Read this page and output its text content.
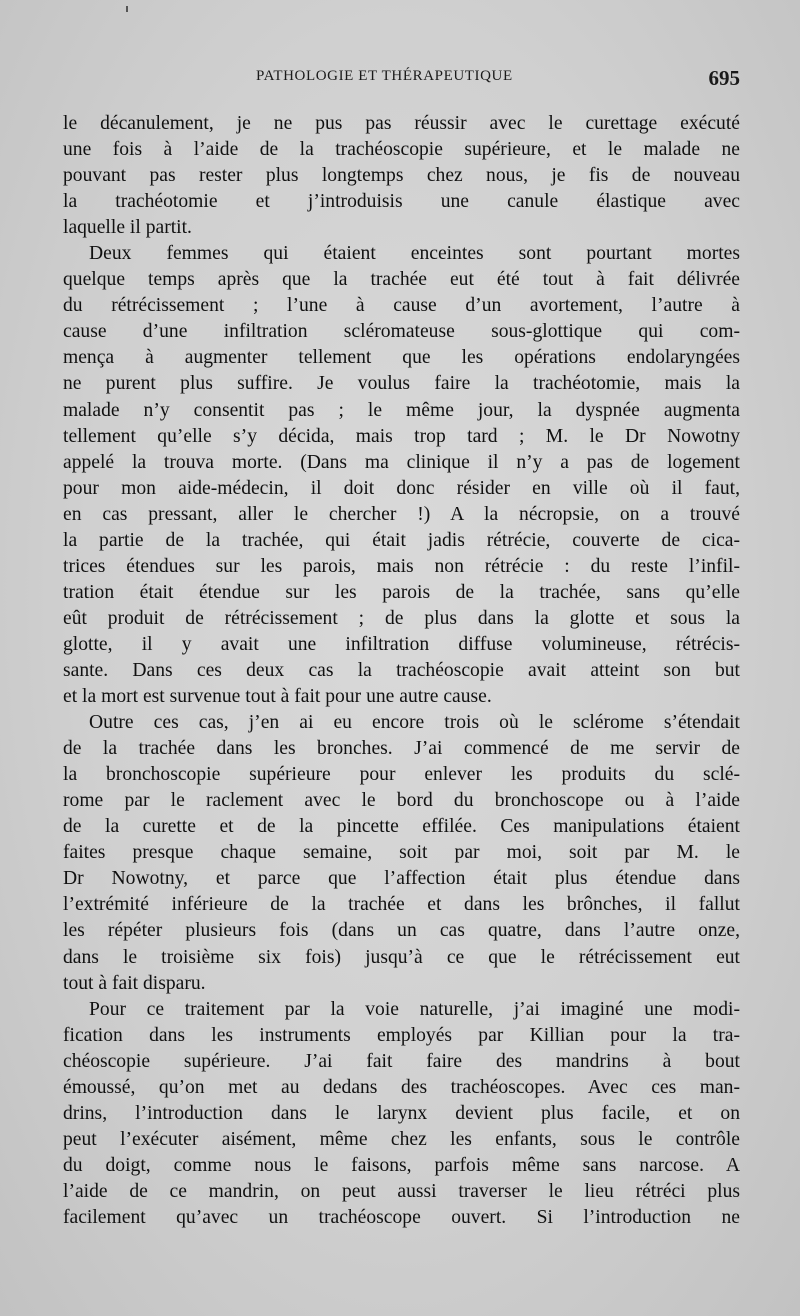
PATHOLOGIE ET THÉRAPEUTIQUE	695

le décanulement, je ne pus pas réussir avec le curettage exécuté
une fois à l’aide de la trachéoscopie supérieure, et le malade ne
pouvant pas rester plus longtemps chez nous, je fis de nouveau
la trachéotomie et j’introduisis une canule élastique avec
laquelle il partit.

Deux femmes qui étaient enceintes sont pourtant mortes
quelque temps après que la trachée eut été tout à fait délivrée
du rétrécissement ; l’une à cause d’un avortement, l’autre à
cause d’une infiltration scléromateuse sous-glottique qui com-
mença à augmenter tellement que les opérations endolaryngées
ne purent plus suffire. Je voulus faire la trachéotomie, mais la
malade n’y consentit pas ; le même jour, la dyspnée augmenta
tellement qu’elle s’y décida, mais trop tard ; M. le Dr Nowotny
appelé la trouva morte. (Dans ma clinique il n’y a pas de logement
pour mon aide-médecin, il doit donc résider en ville où il faut,
en cas pressant, aller le chercher !) A la nécropsie, on a trouvé
la partie de la trachée, qui était jadis rétrécie, couverte de cica-
trices étendues sur les parois, mais non rétrécie : du reste l’infil-
tration était étendue sur les parois de la trachée, sans qu’elle
eût produit de rétrécissement ; de plus dans la glotte et sous la
glotte, il y avait une infiltration diffuse volumineuse, rétrécis-
sante. Dans ces deux cas la trachéoscopie avait atteint son but
et la mort est survenue tout à fait pour une autre cause.

Outre ces cas, j’en ai eu encore trois où le sclérome s’étendait
de la trachée dans les bronches. J’ai commencé de me servir de
la bronchoscopie supérieure pour enlever les produits du sclé-
rome par le raclement avec le bord du bronchoscope ou à l’aide
de la curette et de la pincette effilée. Ces manipulations étaient
faites presque chaque semaine, soit par moi, soit par M. le
Dr Nowotny, et parce que l’affection était plus étendue dans
l’extrémité inférieure de la trachée et dans les brônches, il fallut
les répéter plusieurs fois (dans un cas quatre, dans l’autre onze,
dans le troisième six fois) jusqu’à ce que le rétrécissement eut
tout à fait disparu.

Pour ce traitement par la voie naturelle, j’ai imaginé une modi-
fication dans les instruments employés par Killian pour la tra-
chéoscopie supérieure. J’ai fait faire des mandrins à bout
émoussé, qu’on met au dedans des trachéoscopes. Avec ces man-
drins, l’introduction dans le larynx devient plus facile, et on
peut l’exécuter aisément, même chez les enfants, sous le contrôle
du doigt, comme nous le faisons, parfois même sans narcose. A
l’aide de ce mandrin, on peut aussi traverser le lieu rétréci plus
facilement qu’avec un trachéoscope ouvert. Si l’introduction ne
